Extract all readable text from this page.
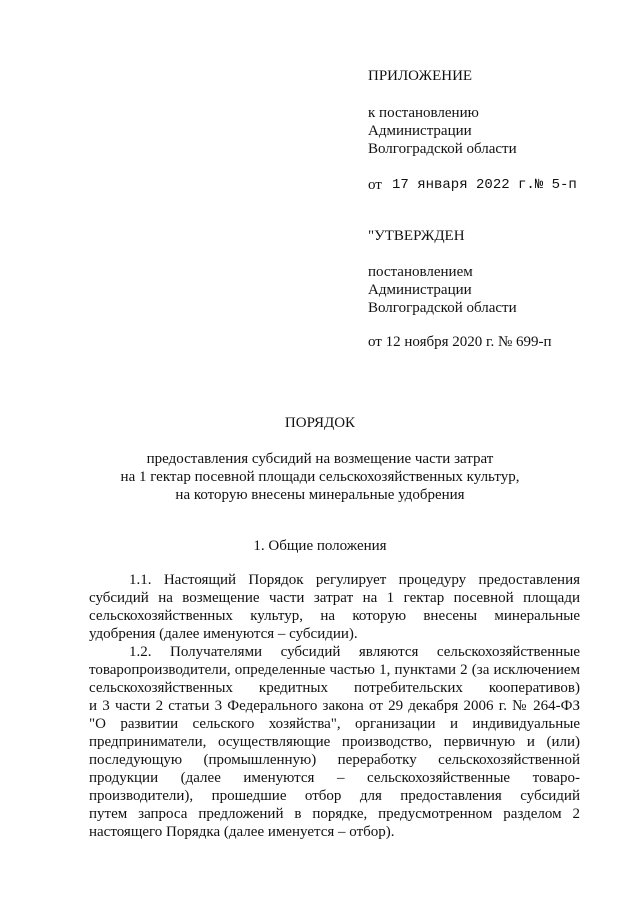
ПРИЛОЖЕНИЕ
к постановлению
Администрации
Волгоградской области
от 17 января 2022 г.№ 5-п
"УТВЕРЖДЕН
постановлением
Администрации
Волгоградской области
от 12 ноября 2020 г. № 699-п
ПОРЯДОК
предоставления субсидий на возмещение части затрат
на 1 гектар посевной площади сельскохозяйственных культур,
на которую внесены минеральные удобрения
1. Общие положения
1.1. Настоящий Порядок регулирует процедуру предоставления
субсидий на возмещение части затрат на 1 гектар посевной площади
сельскохозяйственных культур, на которую внесены минеральные
удобрения (далее именуются – субсидии).
1.2. Получателями субсидий являются сельскохозяйственные
товаропроизводители, определенные частью 1, пунктами 2 (за исключением
сельскохозяйственных кредитных потребительских кооперативов)
и 3 части 2 статьи 3 Федерального закона от 29 декабря 2006 г. № 264-ФЗ
"О развитии сельского хозяйства", организации и индивидуальные
предприниматели, осуществляющие производство, первичную и (или)
последующую (промышленную) переработку сельскохозяйственной
продукции (далее именуются – сельскохозяйственные товаро-
производители), прошедшие отбор для предоставления субсидий
путем запроса предложений в порядке, предусмотренном разделом 2
настоящего Порядка (далее именуется – отбор).
